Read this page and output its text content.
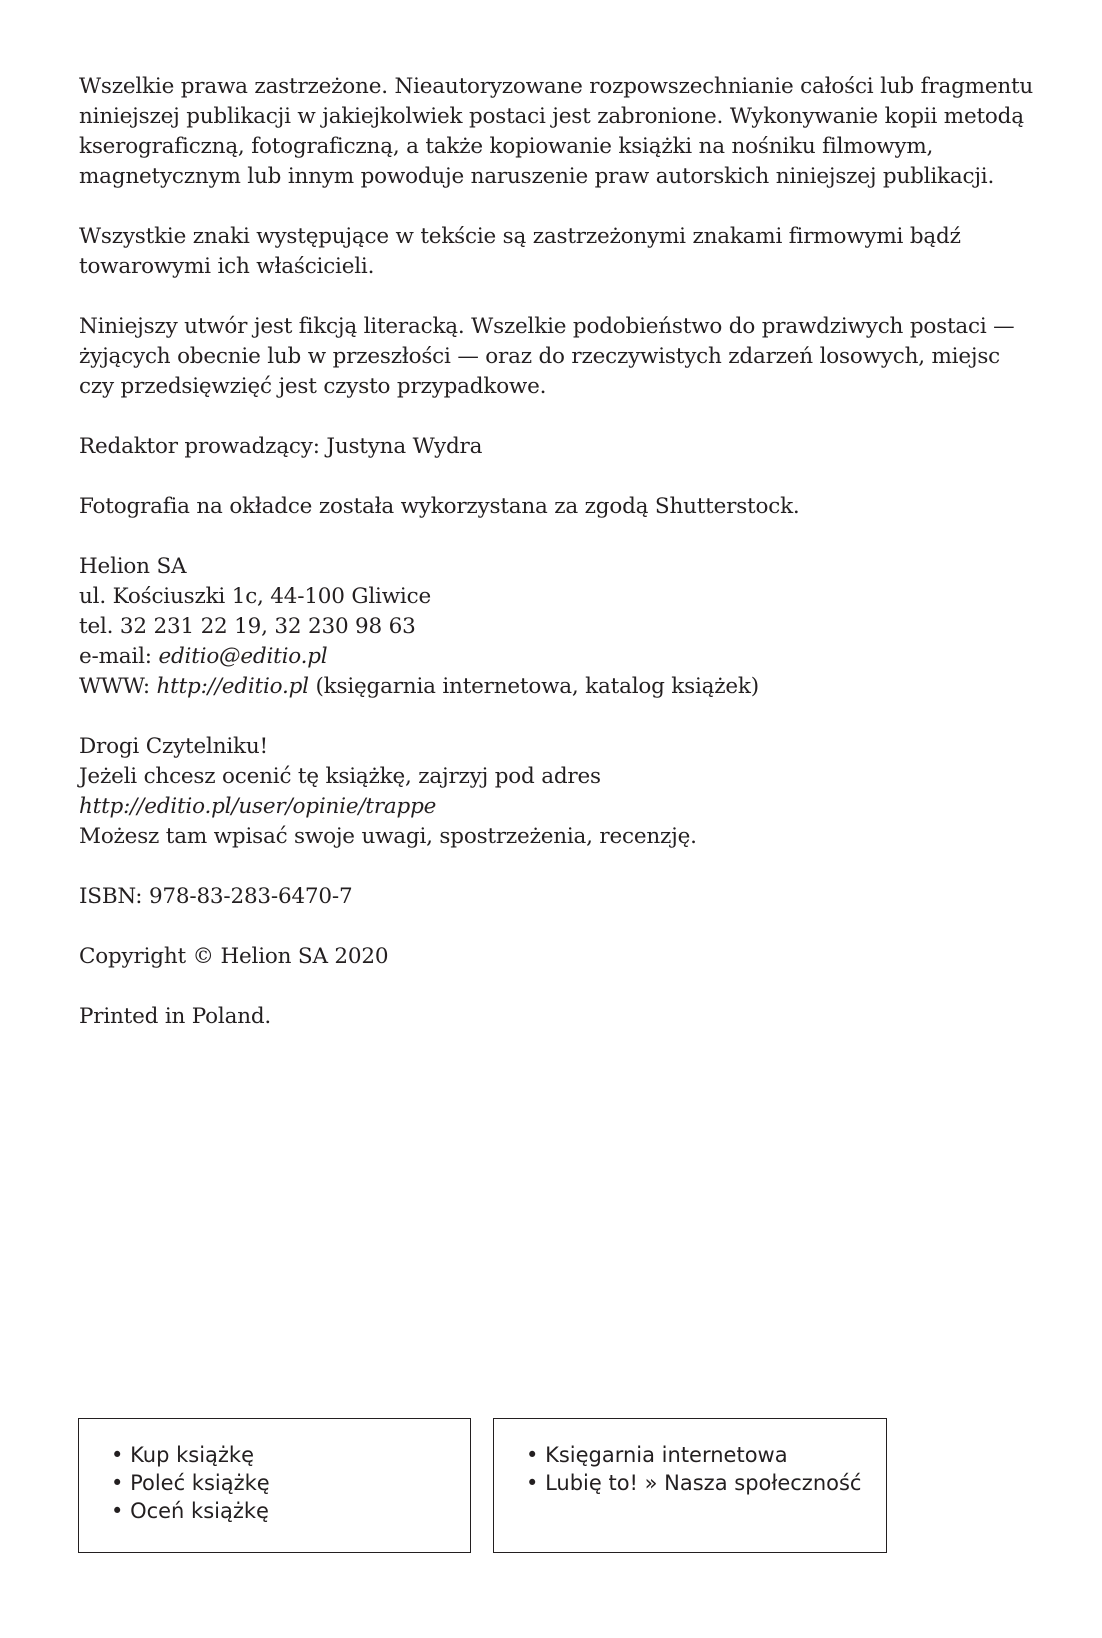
Wszelkie prawa zastrzeżone. Nieautoryzowane rozpowszechnianie całości lub fragmentu
niniejszej publikacji w jakiejkolwiek postaci jest zabronione. Wykonywanie kopii metodą
kserograficzną, fotograficzną, a także kopiowanie książki na nośniku filmowym,
magnetycznym lub innym powoduje naruszenie praw autorskich niniejszej publikacji.

Wszystkie znaki występujące w tekście są zastrzeżonymi znakami firmowymi bądź
towarowymi ich właścicieli.

Niniejszy utwór jest fikcją literacką. Wszelkie podobieństwo do prawdziwych postaci —
żyjących obecnie lub w przeszłości — oraz do rzeczywistych zdarzeń losowych, miejsc
czy przedsięwzięć jest czysto przypadkowe.

Redaktor prowadzący: Justyna Wydra

Fotografia na okładce została wykorzystana za zgodą Shutterstock.

Helion SA
ul. Kościuszki 1c, 44-100 Gliwice
tel. 32 231 22 19, 32 230 98 63
e-mail: editio@editio.pl
WWW: http://editio.pl (księgarnia internetowa, katalog książek)

Drogi Czytelniku!
Jeżeli chcesz ocenić tę książkę, zajrzyj pod adres
http://editio.pl/user/opinie/trappe
Możesz tam wpisać swoje uwagi, spostrzeżenia, recenzję.

ISBN: 978-83-283-6470-7

Copyright © Helion SA 2020

Printed in Poland.

• Kup książkę
• Poleć książkę
• Oceń książkę
• Księgarnia internetowa
• Lubię to! » Nasza społeczność
